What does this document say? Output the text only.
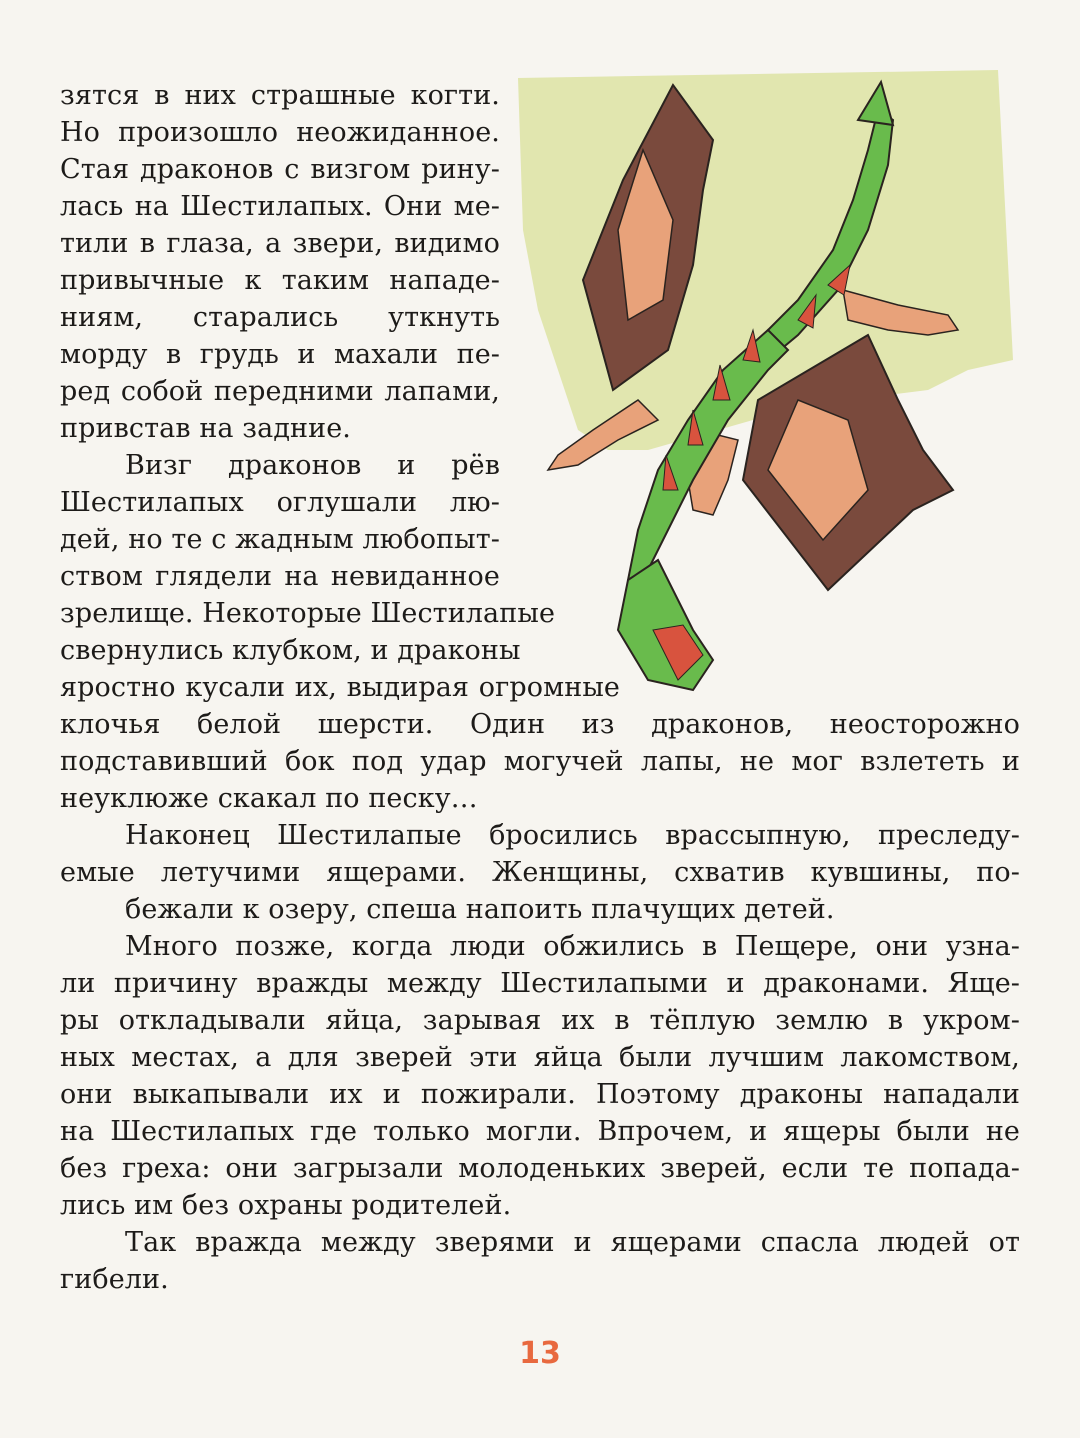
зятся в них страшные когти.
Но произошло неожиданное.
Стая драконов с визгом рину-
лась на Шестилапых. Они ме-
тили в глаза, а звери, видимо
привычные к таким нападе-
ниям, старались уткнуть
морду в грудь и махали пе-
ред собой передними лапами,
привстав на задние.
Визг драконов и рёв
Шестилапых оглушали лю-
дей, но те с жадным любопыт-
ством глядели на невиданное
зрелище. Некоторые Шестилапые
свернулись клубком, и драконы
яростно кусали их, выдирая огромные
клочья белой шерсти. Один из драконов, неосторожно
подставивший бок под удар могучей лапы, не мог взлететь и
неуклюже скакал по песку…
Наконец Шестилапые бросились врассыпную, преследу-
емые летучими ящерами. Женщины, схватив кувшины, по-
бежали к озеру, спеша напоить плачущих детей.
Много позже, когда люди обжились в Пещере, они узна-
ли причину вражды между Шестилапыми и драконами. Яще-
ры откладывали яйца, зарывая их в тёплую землю в укром-
ных местах, а для зверей эти яйца были лучшим лакомством,
они выкапывали их и пожирали. Поэтому драконы нападали
на Шестилапых где только могли. Впрочем, и ящеры были не
без греха: они загрызали молоденьких зверей, если те попада-
лись им без охраны родителей.
Так вражда между зверями и ящерами спасла людей от
гибели.
13
